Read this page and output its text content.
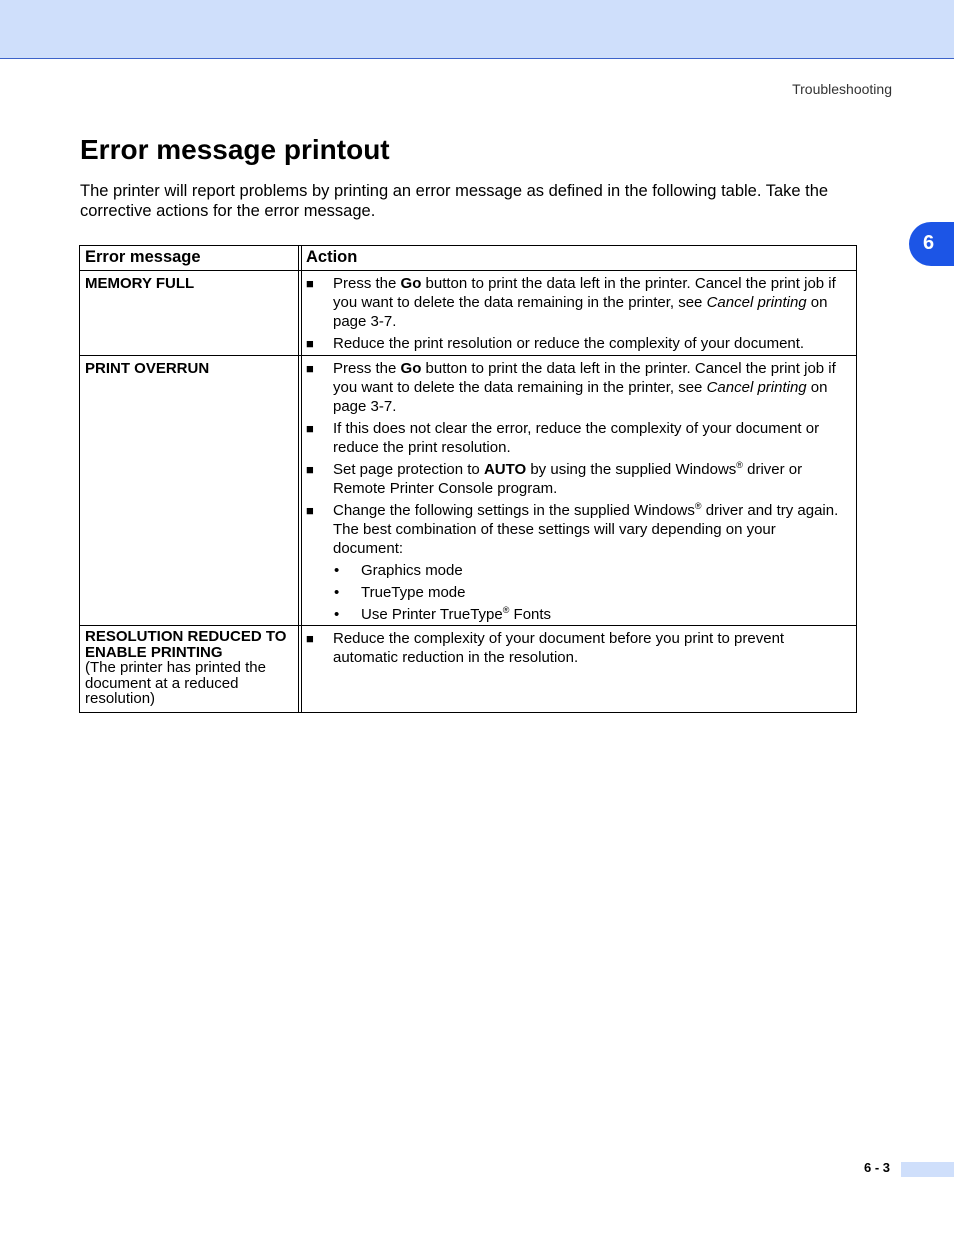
Troubleshooting
6
Error message printout

The printer will report problems by printing an error message as defined in the following table. Take the corrective actions for the error message.

Error message	Action
MEMORY FULL	■	Press the Go button to print the data left in the printer. Cancel the print job if you want to delete the data remaining in the printer, see Cancel printing on page 3-7.
■	Reduce the print resolution or reduce the complexity of your document.
PRINT OVERRUN	■	Press the Go button to print the data left in the printer. Cancel the print job if you want to delete the data remaining in the printer, see Cancel printing on page 3-7.
■	If this does not clear the error, reduce the complexity of your document or reduce the print resolution.
■	Set page protection to AUTO by using the supplied Windows® driver or Remote Printer Console program.
■	Change the following settings in the supplied Windows® driver and try again. The best combination of these settings will vary depending on your document:
•	Graphics mode
•	TrueType mode
•	Use Printer TrueType® Fonts
RESOLUTION REDUCED TO ENABLE PRINTING
(The printer has printed the document at a reduced resolution)
■	Reduce the complexity of your document before you print to prevent automatic reduction in the resolution.
6 - 3
